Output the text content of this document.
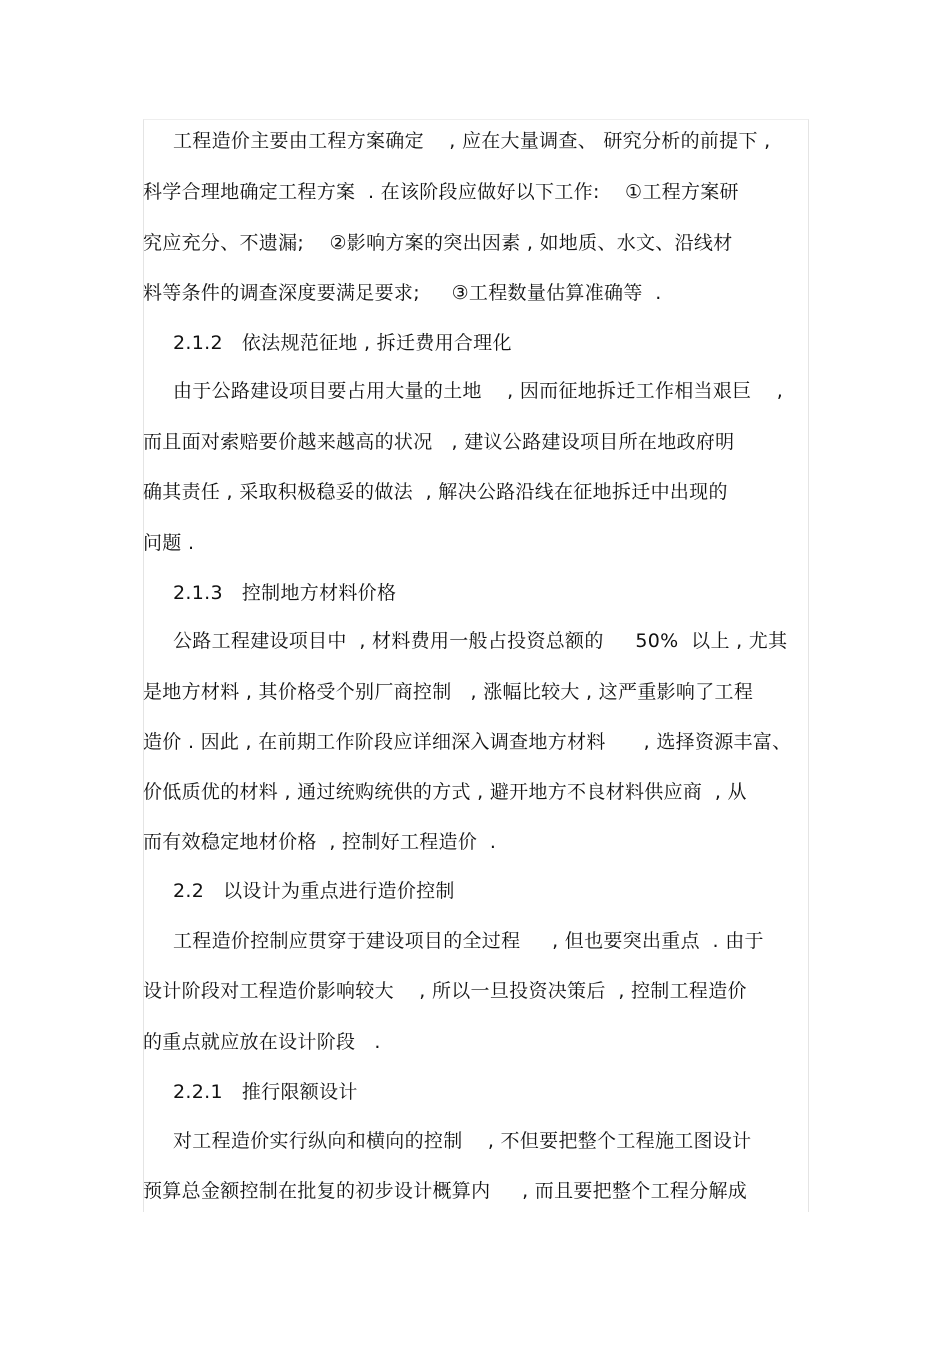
工程造价主要由工程方案确定    , 应在大量调查、 研究分析的前提下 ,
科学合理地确定工程方案  . 在该阶段应做好以下工作:    ①工程方案研
究应充分、不遗漏;    ②影响方案的突出因素 , 如地质、水文、沿线材
料等条件的调查深度要满足要求;     ③工程数量估算准确等  .
2.1.2   依法规范征地 , 拆迁费用合理化
由于公路建设项目要占用大量的土地    , 因而征地拆迁工作相当艰巨    ,
而且面对索赔要价越来越高的状况   , 建议公路建设项目所在地政府明
确其责任 , 采取积极稳妥的做法  , 解决公路沿线在征地拆迁中出现的
问题 .
2.1.3   控制地方材料价格
公路工程建设项目中  , 材料费用一般占投资总额的     50%  以上 , 尤其
是地方材料 , 其价格受个别厂商控制   , 涨幅比较大 , 这严重影响了工程
造价 . 因此 , 在前期工作阶段应详细深入调查地方材料      , 选择资源丰富、
价低质优的材料 , 通过统购统供的方式 , 避开地方不良材料供应商  , 从
而有效稳定地材价格  , 控制好工程造价  .
2.2   以设计为重点进行造价控制
工程造价控制应贯穿于建设项目的全过程     , 但也要突出重点  . 由于
设计阶段对工程造价影响较大    , 所以一旦投资决策后  , 控制工程造价
的重点就应放在设计阶段   .
2.2.1   推行限额设计
对工程造价实行纵向和横向的控制    , 不但要把整个工程施工图设计
预算总金额控制在批复的初步设计概算内     , 而且要把整个工程分解成
